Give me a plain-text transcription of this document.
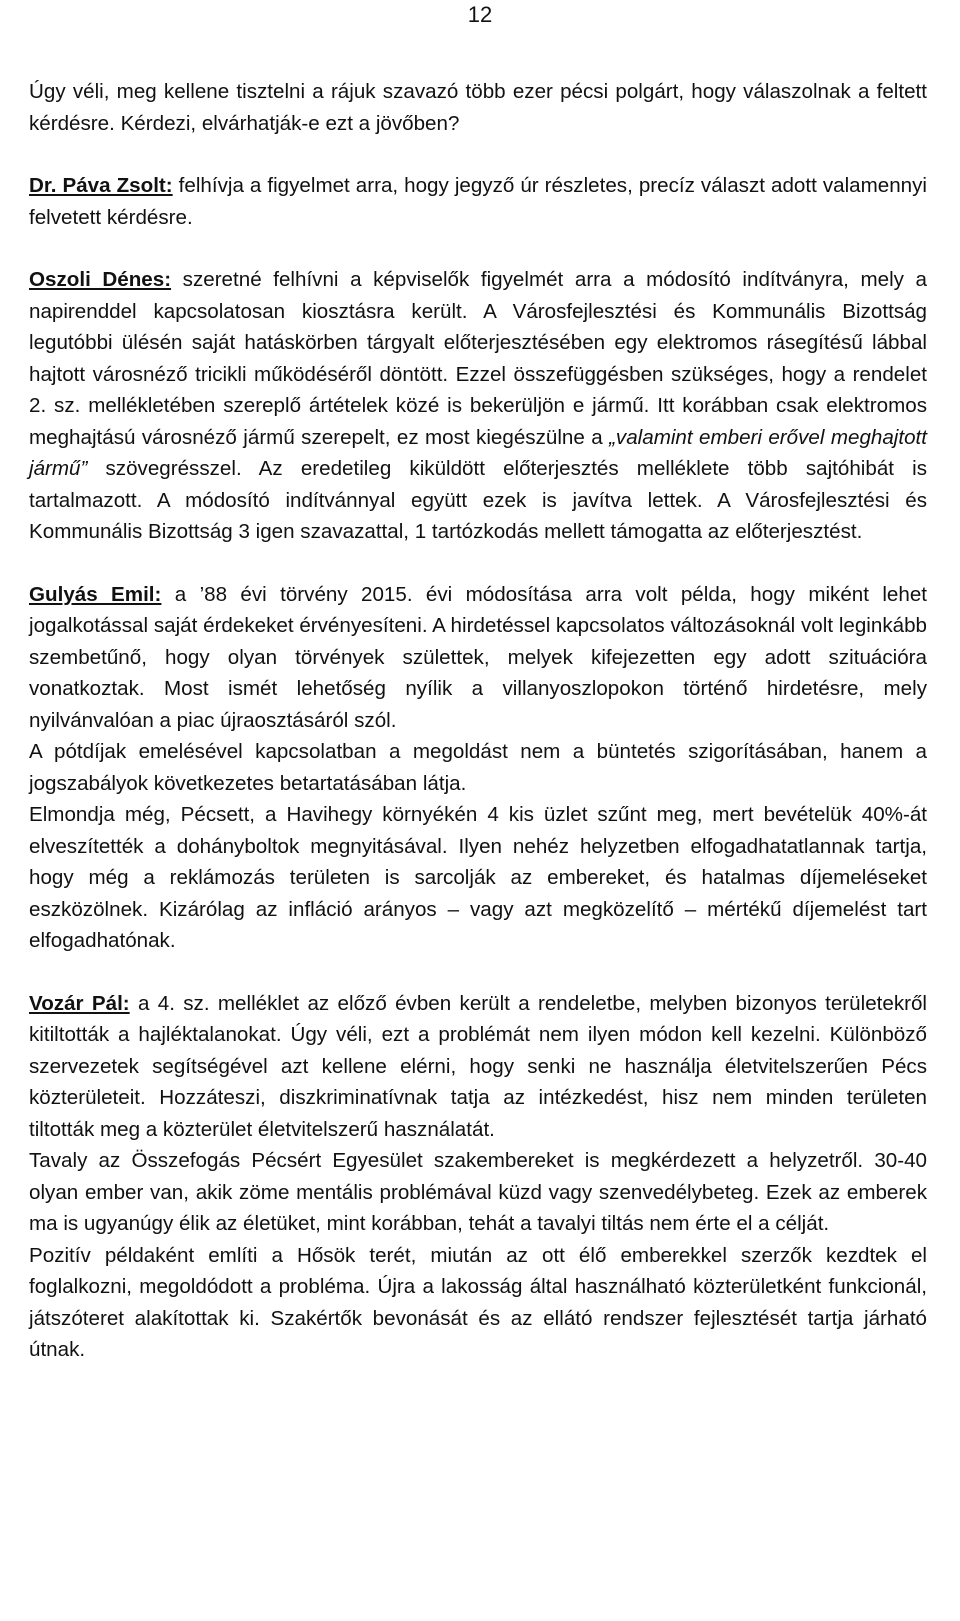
12

Úgy véli, meg kellene tisztelni a rájuk szavazó több ezer pécsi polgárt, hogy válaszolnak a feltett kérdésre. Kérdezi, elvárhatják-e ezt a jövőben?

Dr. Páva Zsolt: felhívja a figyelmet arra, hogy jegyző úr részletes, precíz választ adott valamennyi felvetett kérdésre.

Oszoli Dénes: szeretné felhívni a képviselők figyelmét arra a módosító indítványra, mely a napirenddel kapcsolatosan kiosztásra került. A Városfejlesztési és Kommunális Bizottság legutóbbi ülésén saját hatáskörben tárgyalt előterjesztésében egy elektromos rásegítésű lábbal hajtott városnéző tricikli működéséről döntött. Ezzel összefüggésben szükséges, hogy a rendelet 2. sz. mellékletében szereplő ártételek közé is bekerüljön e jármű. Itt korábban csak elektromos meghajtású városnéző jármű szerepelt, ez most kiegészülne a „valamint emberi erővel meghajtott jármű” szövegrésszel. Az eredetileg kiküldött előterjesztés melléklete több sajtóhibát is tartalmazott. A módosító indítvánnyal együtt ezek is javítva lettek. A Városfejlesztési és Kommunális Bizottság 3 igen szavazattal, 1 tartózkodás mellett támogatta az előterjesztést.

Gulyás Emil: a ’88 évi törvény 2015. évi módosítása arra volt példa, hogy miként lehet jogalkotással saját érdekeket érvényesíteni. A hirdetéssel kapcsolatos változásoknál volt leginkább szembetűnő, hogy olyan törvények születtek, melyek kifejezetten egy adott szituációra vonatkoztak. Most ismét lehetőség nyílik a villanyoszlopokon történő hirdetésre, mely nyilvánvalóan a piac újraosztásáról szól.

A pótdíjak emelésével kapcsolatban a megoldást nem a büntetés szigorításában, hanem a jogszabályok következetes betartatásában látja.

Elmondja még, Pécsett, a Havihegy környékén 4 kis üzlet szűnt meg, mert bevételük 40%-át elveszítették a dohányboltok megnyitásával. Ilyen nehéz helyzetben elfogadhatatlannak tartja, hogy még a reklámozás területen is sarcolják az embereket, és hatalmas díjemeléseket eszközölnek. Kizárólag az infláció arányos – vagy azt megközelítő – mértékű díjemelést tart elfogadhatónak.

Vozár Pál: a 4. sz. melléklet az előző évben került a rendeletbe, melyben bizonyos területekről kitiltották a hajléktalanokat. Úgy véli, ezt a problémát nem ilyen módon kell kezelni. Különböző szervezetek segítségével azt kellene elérni, hogy senki ne használja életvitelszerűen Pécs közterületeit. Hozzáteszi, diszkriminatívnak tatja az intézkedést, hisz nem minden területen tiltották meg a közterület életvitelszerű használatát.

Tavaly az Összefogás Pécsért Egyesület szakembereket is megkérdezett a helyzetről. 30-40 olyan ember van, akik zöme mentális problémával küzd vagy szenvedélybeteg. Ezek az emberek ma is ugyanúgy élik az életüket, mint korábban, tehát a tavalyi tiltás nem érte el a célját.

Pozitív példaként említi a Hősök terét, miután az ott élő emberekkel szerzők kezdtek el foglalkozni, megoldódott a probléma. Újra a lakosság által használható közterületként funkcionál, játszóteret alakítottak ki. Szakértők bevonását és az ellátó rendszer fejlesztését tartja járható útnak.
